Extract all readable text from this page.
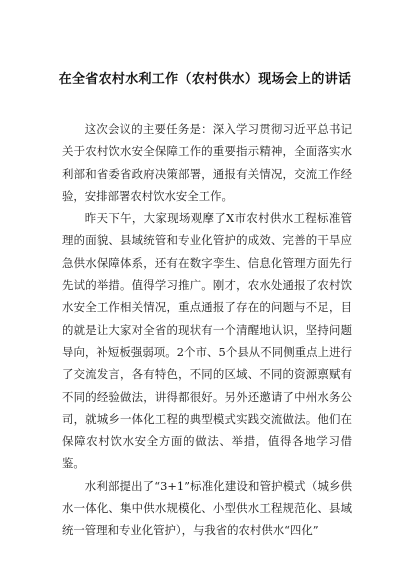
在全省农村水利工作（农村供水）现场会上的讲话

这次会议的主要任务是：深入学习贯彻习近平总书记关于农村饮水安全保障工作的重要指示精神，全面落实水利部和省委省政府决策部署，通报有关情况，交流工作经验，安排部署农村饮水安全工作。

昨天下午，大家现场观摩了X市农村供水工程标准管理的面貌、县域统管和专业化管护的成效、完善的干旱应急供水保障体系，还有在数字孪生、信息化管理方面先行先试的举措。值得学习推广。刚才，农水处通报了农村饮水安全工作相关情况，重点通报了存在的问题与不足，目的就是让大家对全省的现状有一个清醒地认识，坚持问题导向，补短板强弱项。2个市、5个县从不同侧重点上进行了交流发言，各有特色，不同的区域、不同的资源禀赋有不同的经验做法，讲得都很好。另外还邀请了中州水务公司，就城乡一体化工程的典型模式实践交流做法。他们在保障农村饮水安全方面的做法、举措，值得各地学习借鉴。

水利部提出了“3+1”标准化建设和管护模式（城乡供水一体化、集中供水规模化、小型供水工程规范化、县域统一管理和专业化管护），与我省的农村供水“四化”
